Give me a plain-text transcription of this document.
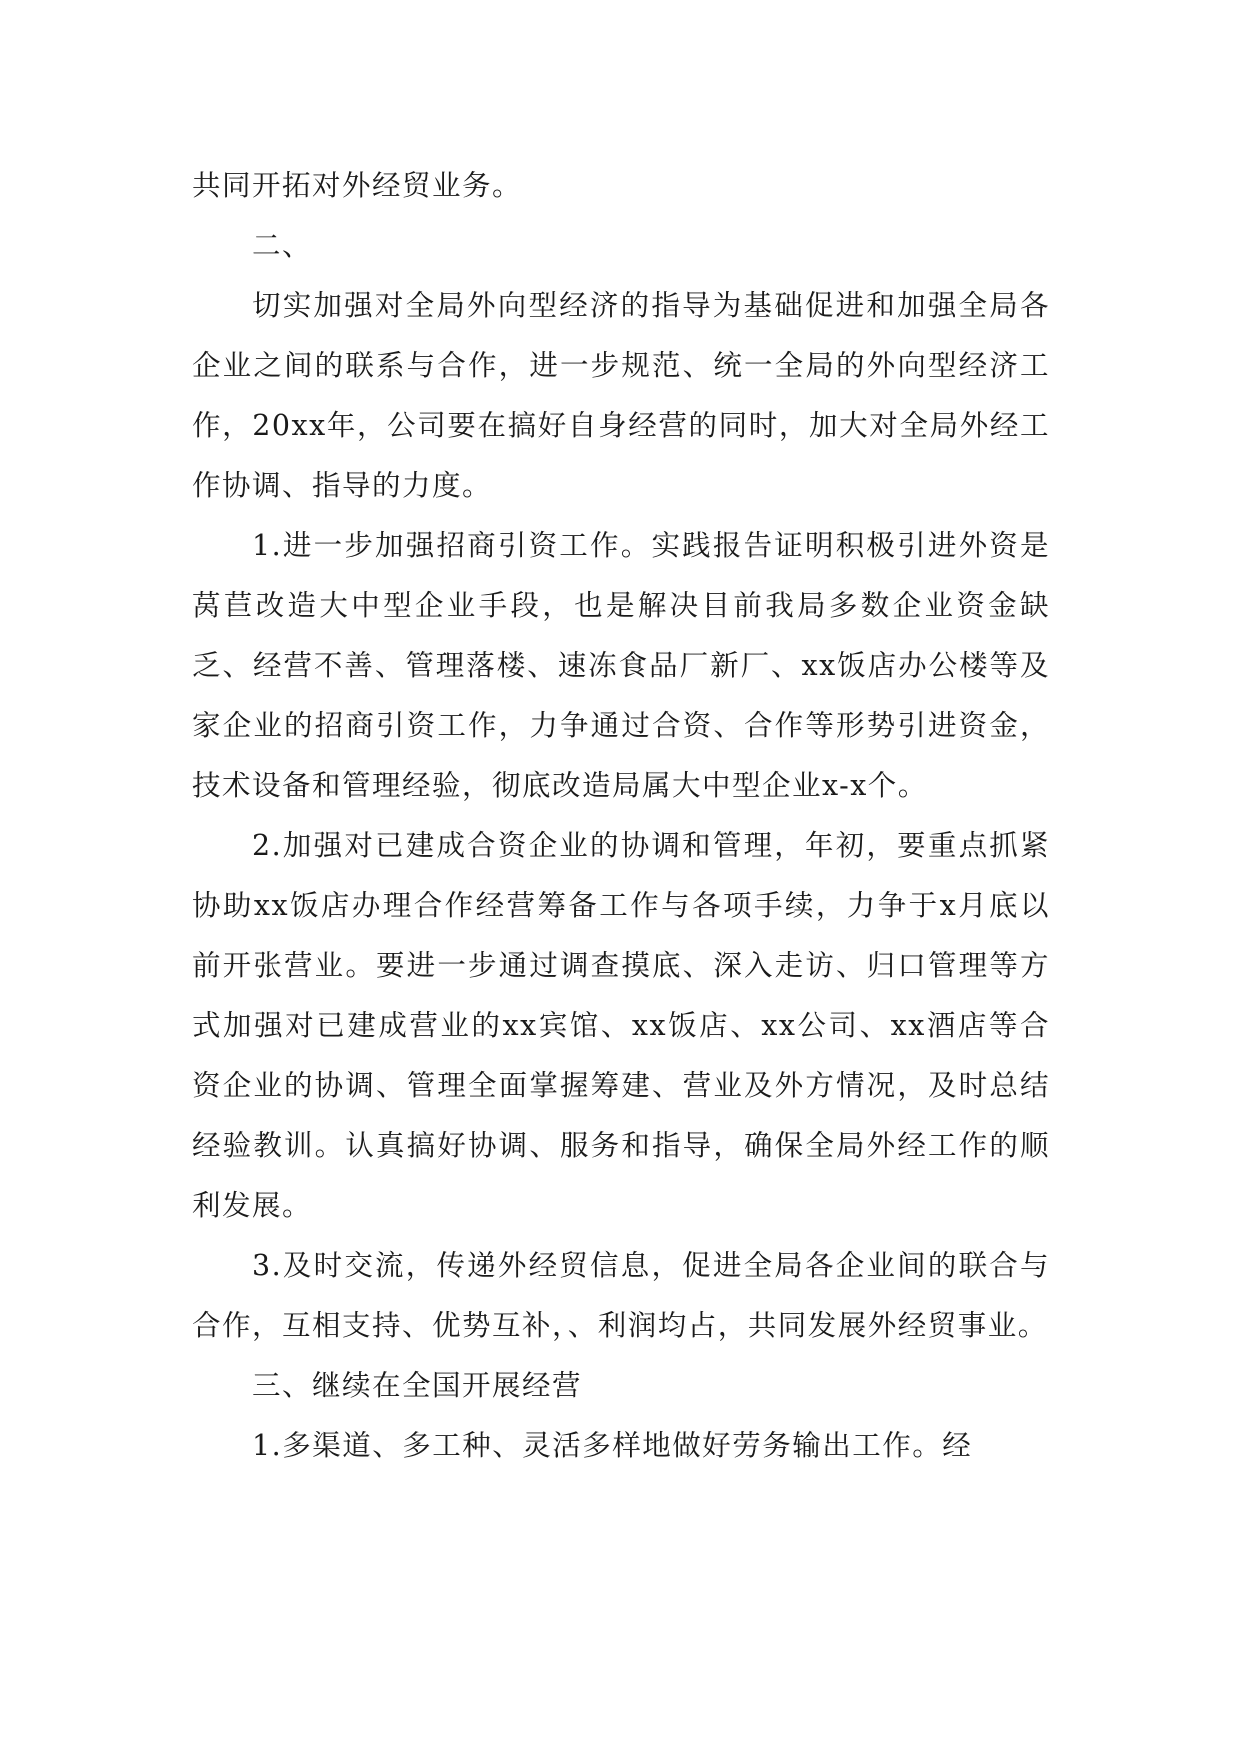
共同开拓对外经贸业务。

二、

切实加强对全局外向型经济的指导为基础促进和加强全局各企业之间的联系与合作，进一步规范、统一全局的外向型经济工作，20xx年，公司要在搞好自身经营的同时，加大对全局外经工作协调、指导的力度。

1.进一步加强招商引资工作。实践报告证明积极引进外资是莴苣改造大中型企业手段，也是解决目前我局多数企业资金缺乏、经营不善、管理落楼、速冻食品厂新厂、xx饭店办公楼等及家企业的招商引资工作，力争通过合资、合作等形势引进资金，技术设备和管理经验，彻底改造局属大中型企业x-x个。

2.加强对已建成合资企业的协调和管理，年初，要重点抓紧协助xx饭店办理合作经营筹备工作与各项手续，力争于x月底以前开张营业。要进一步通过调查摸底、深入走访、归口管理等方式加强对已建成营业的xx宾馆、xx饭店、xx公司、xx酒店等合资企业的协调、管理全面掌握筹建、营业及外方情况，及时总结经验教训。认真搞好协调、服务和指导，确保全局外经工作的顺利发展。

3.及时交流，传递外经贸信息，促进全局各企业间的联合与合作，互相支持、优势互补，、利润均占，共同发展外经贸事业。

三、继续在全国开展经营

1.多渠道、多工种、灵活多样地做好劳务输出工作。经
